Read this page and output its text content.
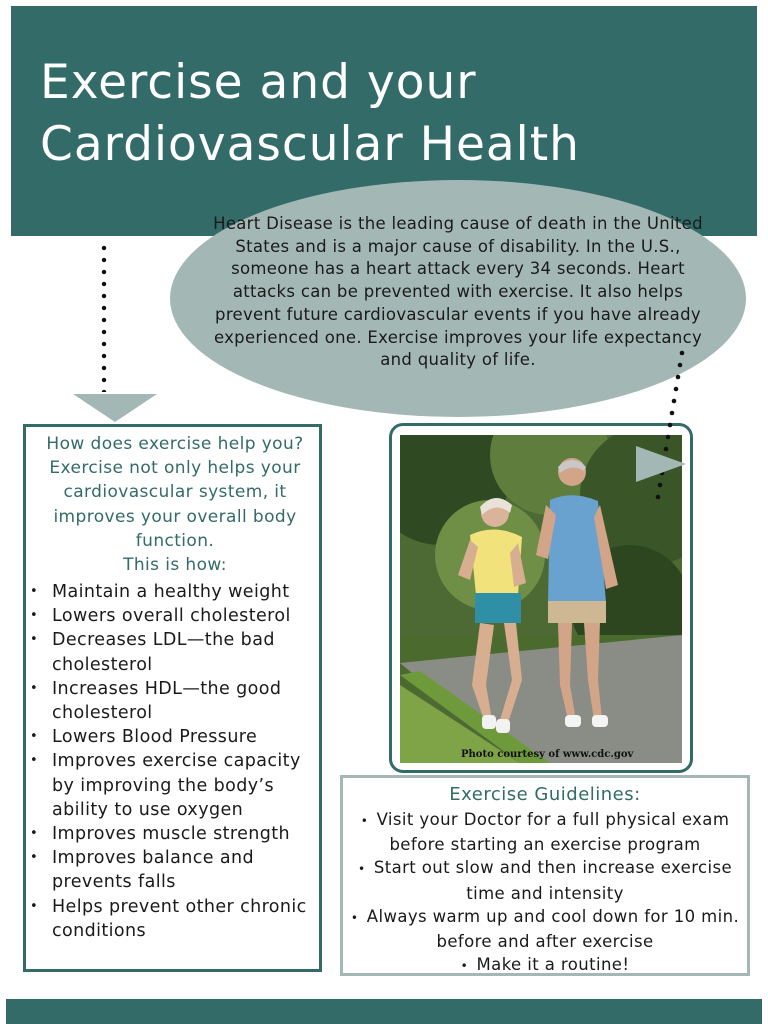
Exercise and your
Cardiovascular Health

Heart Disease is the leading cause of death in the United States and is a major cause of disability. In the U.S., someone has a heart attack every 34 seconds. Heart attacks can be prevented with exercise. It also helps prevent future cardiovascular events if you have already experienced one. Exercise improves your life expectancy and quality of life.

How does exercise help you? Exercise not only helps your cardiovascular system, it improves your overall body function.
This is how:

• Maintain a healthy weight
• Lowers overall cholesterol
• Decreases LDL—the bad cholesterol
• Increases HDL—the good cholesterol
• Lowers Blood Pressure
• Improves exercise capacity by improving the body’s ability to use oxygen
• Improves muscle strength
• Improves balance and prevents falls
• Helps prevent other chronic conditions

Photo courtesy of www.cdc.gov

Exercise Guidelines:
•  Visit your Doctor for a full physical exam before starting an exercise program
•  Start out slow and then increase exercise time and intensity
•  Always warm up and cool down for 10 min. before and after exercise
•  Make it a routine!
